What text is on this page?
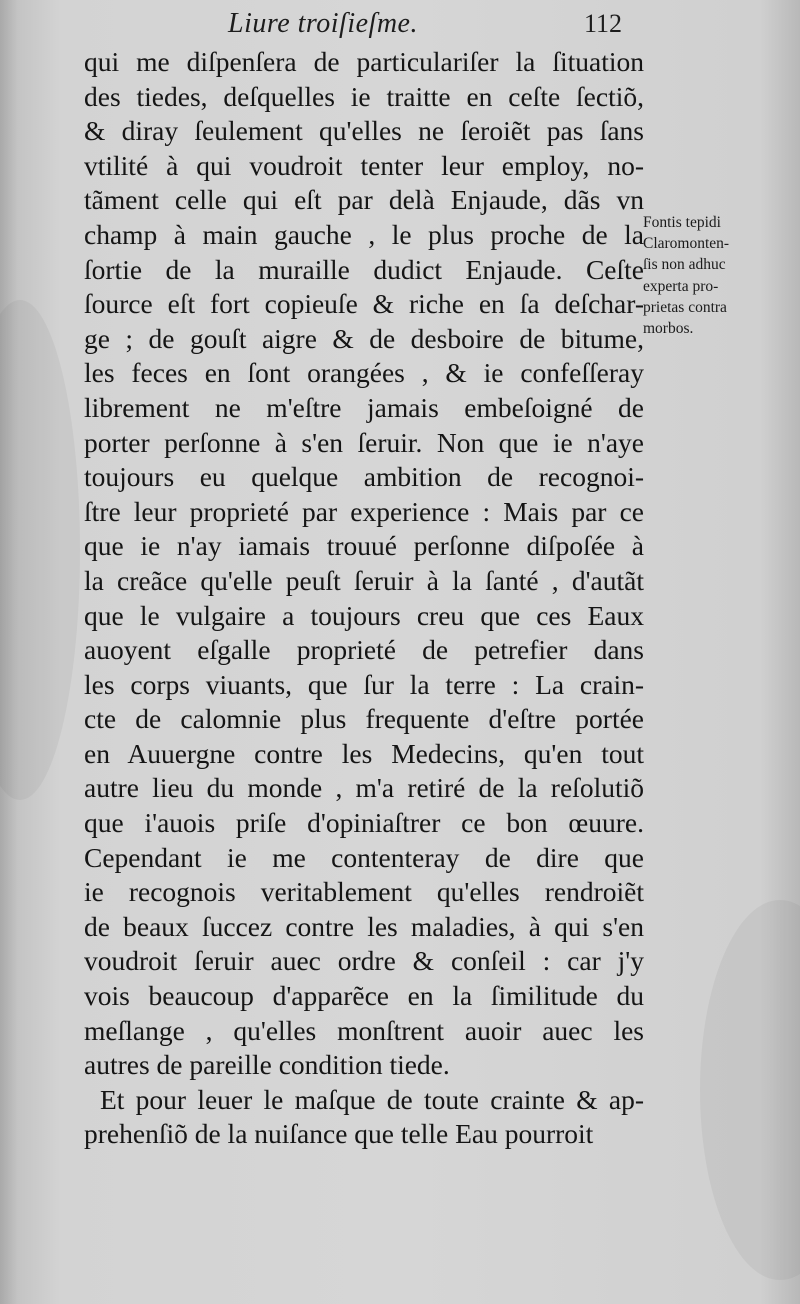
Liure troiſieſme.	112
qui me diſpenſera de particulariſer la ſituation
des tiedes, deſquelles ie traitte en ceſte ſectiõ,
& diray ſeulement qu'elles ne ſeroiẽt pas ſans
vtilité à qui voudroit tenter leur employ, no-
tãment celle qui eſt par delà Enjaude, dãs vn
champ à main gauche , le plus proche de la
ſortie de la muraille dudict Enjaude. Ceſte
ſource eſt fort copieuſe & riche en ſa deſchar-
ge ; de gouſt aigre & de desboire de bitume,
les feces en ſont orangées , & ie confeſſeray
librement ne m'eſtre jamais embeſoigné de
porter perſonne à s'en ſeruir. Non que ie n'aye
toujours eu quelque ambition de recognoi-
ſtre leur proprieté par experience : Mais par ce
que ie n'ay iamais trouué perſonne diſpoſée à
la creãce qu'elle peuſt ſeruir à la ſanté , d'autãt
que le vulgaire a toujours creu que ces Eaux
auoyent eſgalle proprieté de petrefier dans
les corps viuants, que ſur la terre : La crain-
cte de calomnie plus frequente d'eſtre portée
en Auuergne contre les Medecins, qu'en tout
autre lieu du monde , m'a retiré de la reſolutiõ
que i'auois priſe d'opiniaſtrer ce bon œuure.
Cependant ie me contenteray de dire que
ie recognois veritablement qu'elles rendroiẽt
de beaux ſuccez contre les maladies, à qui s'en
voudroit ſeruir auec ordre & conſeil : car j'y
vois beaucoup d'apparẽce en la ſimilitude du
meſlange , qu'elles monſtrent auoir auec les
autres de pareille condition tiede.
Et pour leuer le maſque de toute crainte & ap-
prehenſiõ de la nuiſance que telle Eau pourroit
Fontis tepidi
Claromonten-
ſis non adhuc
experta pro-
prietas contra
morbos.
